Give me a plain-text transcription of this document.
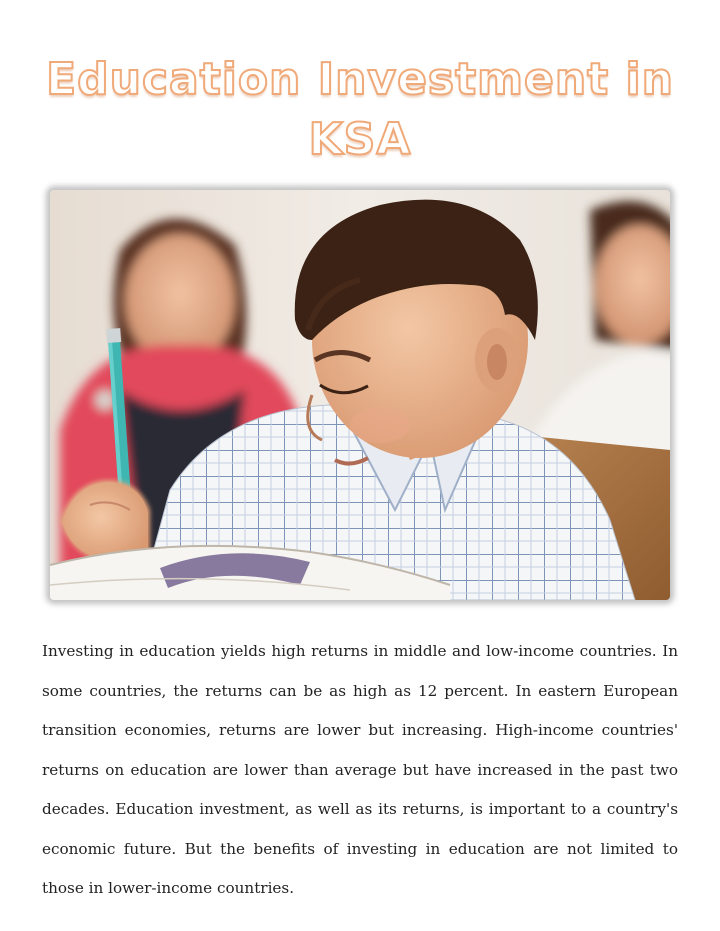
Education Investment in
KSA

Investing in education yields high returns in middle and low-income countries. In some countries, the returns can be as high as 12 percent. In eastern European transition economies, returns are lower but increasing. High-income countries' returns on education are lower than average but have increased in the past two decades. Education investment, as well as its returns, is important to a country's economic future. But the benefits of investing in education are not limited to those in lower-income countries.
